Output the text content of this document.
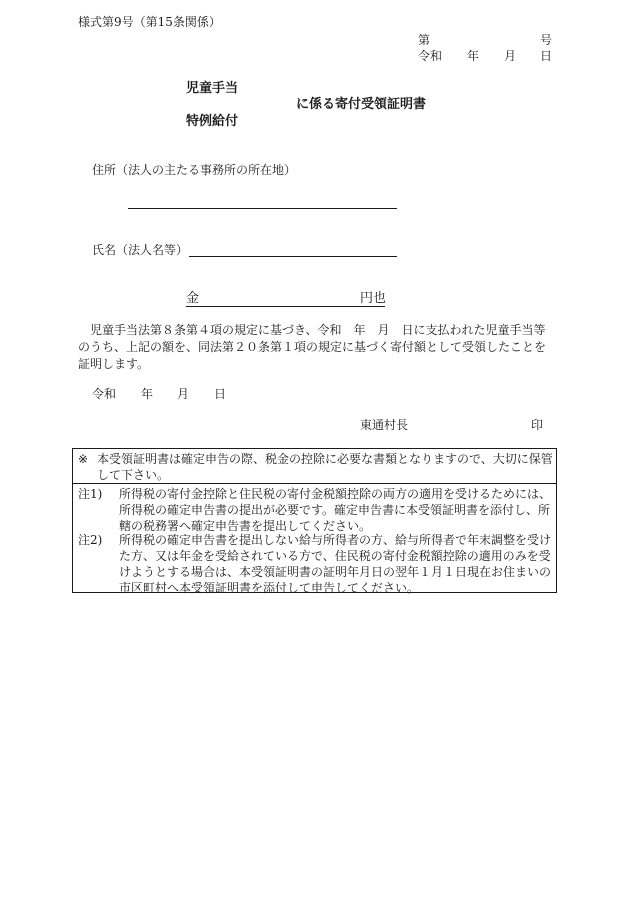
様式第9号（第15条関係）
第	号
令和 年 月 日
児童手当
に係る寄付受領証明書
特例給付
住所（法人の主たる事務所の所在地）
氏名（法人名等）
金	円也
児童手当法第８条第４項の規定に基づき、令和　年　月　日に支払われた児童手当等のうち、上記の額を、同法第２０条第１項の規定に基づく寄付額として受領したことを証明します。
令和 年 月 日
東通村長	印
※ 本受領証明書は確定申告の際、税金の控除に必要な書類となりますので、大切に保管して下さい。
注1) 所得税の寄付金控除と住民税の寄付金税額控除の両方の適用を受けるためには、所得税の確定申告書の提出が必要です。確定申告書に本受領証明書を添付し、所轄の税務署へ確定申告書を提出してください。
注2) 所得税の確定申告書を提出しない給与所得者の方、給与所得者で年末調整を受けた方、又は年金を受給されている方で、住民税の寄付金税額控除の適用のみを受けようとする場合は、本受領証明書の証明年月日の翌年１月１日現在お住まいの市区町村へ本受領証明書を添付して申告してください。
